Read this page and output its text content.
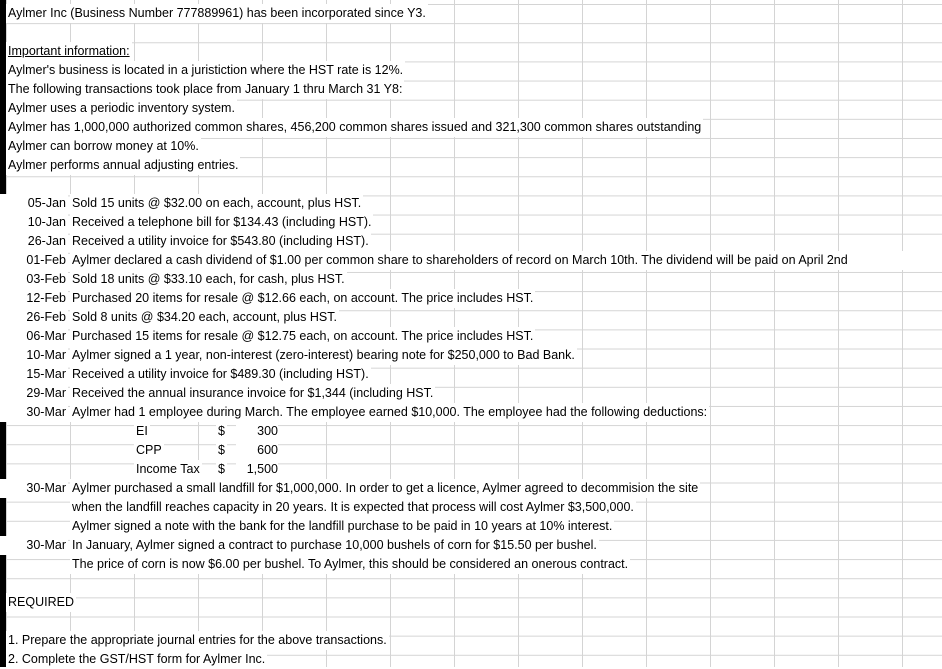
Aylmer Inc (Business Number 777889961) has been incorporated since Y3.
Important information:
Aylmer's business is located in a juristiction where the HST rate is 12%.
The following transactions took place from January 1 thru March 31 Y8:
Aylmer uses a periodic inventory system.
Aylmer has 1,000,000 authorized common shares, 456,200 common shares issued and 321,300 common shares outstanding
Aylmer can borrow money at 10%.
Aylmer performs annual adjusting entries.
05-Jan Sold 15 units @ $32.00 on each, account, plus HST.
10-Jan Received a telephone bill for $134.43 (including HST).
26-Jan Received a utility invoice for $543.80 (including HST).
01-Feb Aylmer declared a cash dividend of $1.00 per common share to shareholders of record on March 10th. The dividend will be paid on April 2nd
03-Feb Sold 18 units @ $33.10 each, for cash, plus HST.
12-Feb Purchased 20 items for resale @ $12.66 each, on account. The price includes HST.
26-Feb Sold 8 units @ $34.20 each, account, plus HST.
06-Mar Purchased 15 items for resale @ $12.75 each, on account. The price includes HST.
10-Mar Aylmer signed a 1 year, non-interest (zero-interest) bearing note for $250,000 to Bad Bank.
15-Mar Received a utility invoice for $489.30 (including HST).
29-Mar Received the annual insurance invoice for $1,344 (including HST.
30-Mar Aylmer had 1 employee during March. The employee earned $10,000. The employee had the following deductions:
EI	$	300
CPP	$	600
Income Tax $	1,500
30-Mar Aylmer purchased a small landfill for $1,000,000. In order to get a licence, Aylmer agreed to decommision the site
when the landfill reaches capacity in 20 years. It is expected that process will cost Aylmer $3,500,000.
Aylmer signed a note with the bank for the landfill purchase to be paid in 10 years at 10% interest.
30-Mar In January, Aylmer signed a contract to purchase 10,000 bushels of corn for $15.50 per bushel.
The price of corn is now $6.00 per bushel. To Aylmer, this should be considered an onerous contract.
REQUIRED
1. Prepare the appropriate journal entries for the above transactions.
2. Complete the GST/HST form for Aylmer Inc.
